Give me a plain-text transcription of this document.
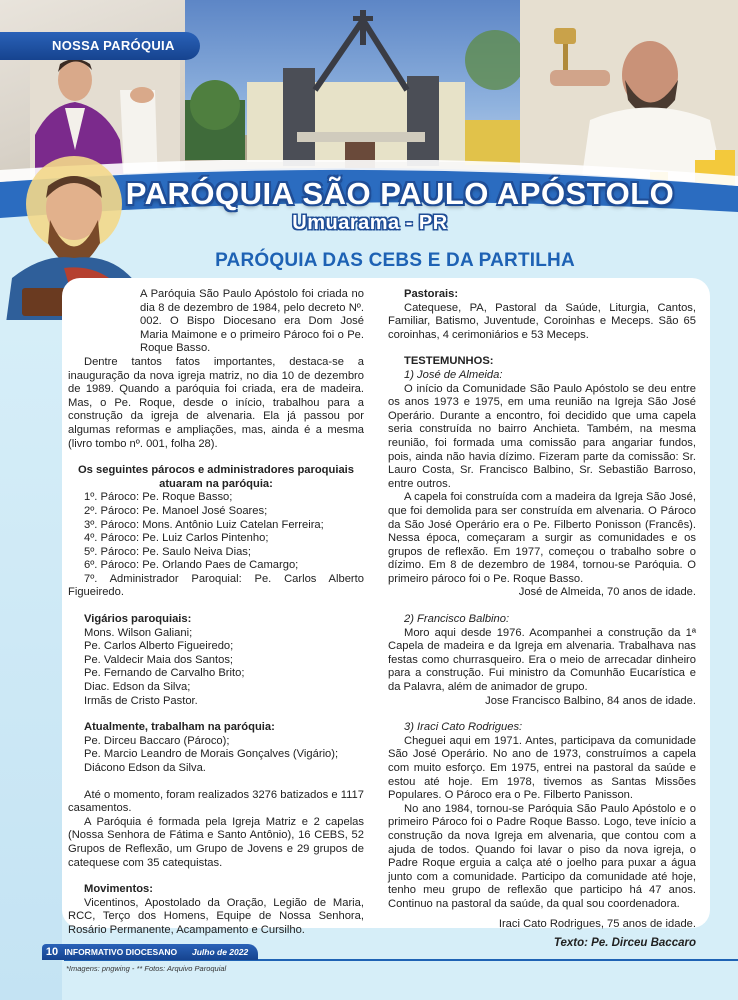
NOSSA PARÓQUIA
PARÓQUIA SÃO PAULO APÓSTOLO
Umuarama - PR
PARÓQUIA DAS CEBS E DA PARTILHA

A Paróquia São Paulo Apóstolo foi criada no dia 8 de dezembro de 1984, pelo decreto Nº. 002. O Bispo Diocesano era Dom José Maria Maimone e o primeiro Pároco foi o Pe. Roque Basso.

Dentre tantos fatos importantes, destaca-se a inauguração da nova igreja matriz, no dia 10 de dezembro de 1989. Quando a paróquia foi criada, era de madeira. Mas, o Pe. Roque, desde o início, trabalhou para a construção da igreja de alvenaria. Ela já passou por algumas reformas e ampliações, mas, ainda é a mesma (livro tombo nº. 001, folha 28).

Os seguintes párocos e administradores paroquiais atuaram na paróquia:

1º. Pároco: Pe. Roque Basso;

2º. Pároco: Pe. Manoel José Soares;

3º. Pároco: Mons. Antônio Luiz Catelan Ferreira;

4º. Pároco: Pe. Luiz Carlos Pintenho;

5º. Pároco: Pe. Saulo Neiva Dias;

6º. Pároco: Pe. Orlando Paes de Camargo;

7º. Administrador Paroquial: Pe. Carlos Alberto Figueiredo.

Vigários paroquiais:

Mons. Wilson Galiani;

Pe. Carlos Alberto Figueiredo;

Pe. Valdecir Maia dos Santos;

Pe. Fernando de Carvalho Brito;

Diac. Edson da Silva;

Irmãs de Cristo Pastor.

Atualmente, trabalham na paróquia:

Pe. Dirceu Baccaro (Pároco);

Pe. Marcio Leandro de Morais Gonçalves (Vigário);

Diácono Edson da Silva.

Até o momento, foram realizados 3276 batizados e 1117 casamentos.

A Paróquia é formada pela Igreja Matriz e 2 capelas (Nossa Senhora de Fátima e Santo Antônio), 16 CEBS, 52 Grupos de Reflexão, um Grupo de Jovens e 29 grupos de catequese com 35 catequistas.

Movimentos:

Vicentinos, Apostolado da Oração, Legião de Maria, RCC, Terço dos Homens, Equipe de Nossa Senhora, Rosário Permanente, Acampamento e Cursilho.

Pastorais:

Catequese, PA, Pastoral da Saúde, Liturgia, Cantos, Familiar, Batismo, Juventude, Coroinhas e Meceps. São 65 coroinhas, 4 cerimoniários e 53 Meceps.

TESTEMUNHOS:

1) José de Almeida:

O início da Comunidade São Paulo Apóstolo se deu entre os anos 1973 e 1975, em uma reunião na Igreja São José Operário. Durante a encontro, foi decidido que uma capela seria construída no bairro Anchieta. Também, na mesma reunião, foi formada uma comissão para angariar fundos, pois, ainda não havia dízimo. Fizeram parte da comissão: Sr. Lauro Costa, Sr. Francisco Balbino, Sr. Sebastião Barroso, entre outros.

A capela foi construída com a madeira da Igreja São José, que foi demolida para ser construída em alvenaria. O Pároco da São José Operário era o Pe. Filberto Ponisson (Francês). Nessa época, começaram a surgir as comunidades e os grupos de reflexão. Em 1977, começou o trabalho sobre o dízimo. Em 8 de dezembro de 1984, tornou-se Paróquia. O primeiro pároco foi o Pe. Roque Basso.

José de Almeida, 70 anos de idade.

2) Francisco Balbino:

Moro aqui desde 1976. Acompanhei a construção da 1ª Capela de madeira e da Igreja em alvenaria. Trabalhava nas festas como churrasqueiro. Era o meio de arrecadar dinheiro para a construção. Fui ministro da Comunhão Eucarística e da Palavra, além de animador de grupo.

Jose Francisco Balbino, 84 anos de idade.

3) Iraci Cato Rodrigues:

Cheguei aqui em 1971. Antes, participava da comunidade São José Operário. No ano de 1973, construímos a capela com muito esforço. Em 1975, entrei na pastoral da saúde e estou até hoje. Em 1978, tivemos as Santas Missões Populares. O Pároco era o Pe. Filberto Panisson.

No ano 1984, tornou-se Paróquia São Paulo Apóstolo e o primeiro Pároco foi o Padre Roque Basso. Logo, teve início a construção da nova Igreja em alvenaria, que contou com a ajuda de todos. Quando foi lavar o piso da nova igreja, o Padre Roque erguia a calça até o joelho para puxar a água junto com a comunidade. Participo da comunidade até hoje, tenho meu grupo de reflexão que participo há 47 anos. Continuo na pastoral da saúde, da qual sou coordenadora.

Iraci Cato Rodrigues, 75 anos de idade.

Texto: Pe. Dirceu Baccaro

10 INFORMATIVO DIOCESANO Julho de 2022
*Imagens: pngwing - ** Fotos: Arquivo Paroquial
